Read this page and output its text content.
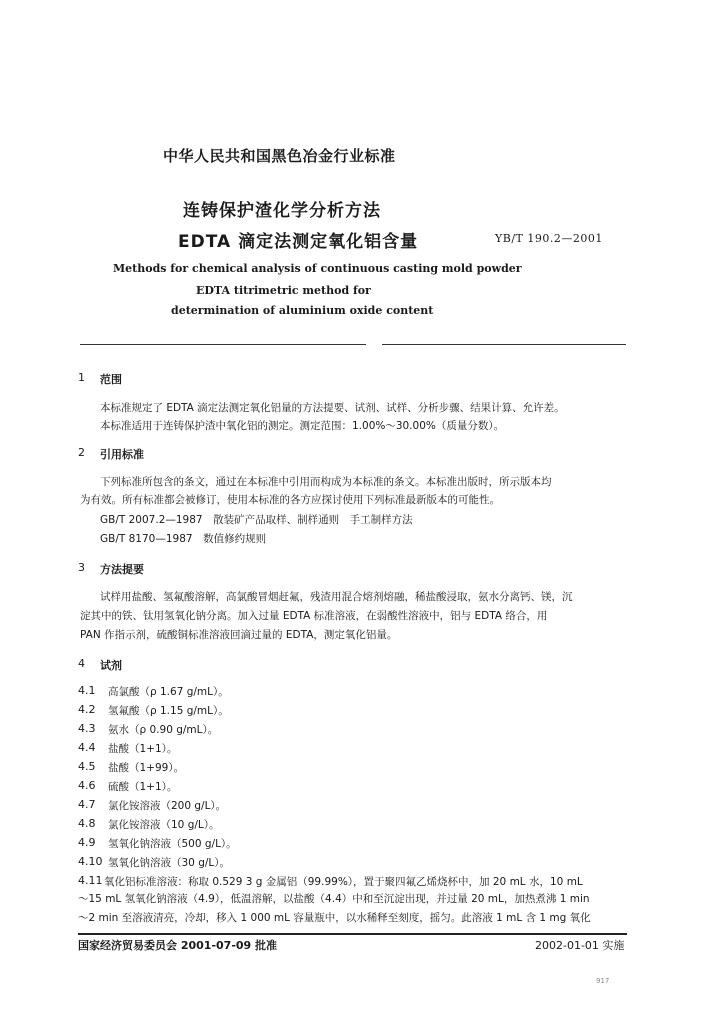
中华人民共和国黑色冶金行业标准
连铸保护渣化学分析方法
EDTA 滴定法测定氧化铝含量	YB/T 190.2—2001
Methods for chemical analysis of continuous casting mold powder
EDTA titrimetric method for
determination of aluminium oxide content
1 范围
本标准规定了 EDTA 滴定法测定氧化铝量的方法提要、试剂、试样、分析步骤、结果计算、允许差。
本标准适用于连铸保护渣中氧化铝的测定。测定范围：1.00%～30.00%（质量分数）。
2 引用标准
下列标准所包含的条文，通过在本标准中引用而构成为本标准的条文。本标准出版时，所示版本均
为有效。所有标准都会被修订，使用本标准的各方应探讨使用下列标准最新版本的可能性。
GB/T 2007.2—1987　散装矿产品取样、制样通则　手工制样方法
GB/T 8170—1987　数值修约规则
3 方法提要
试样用盐酸、氢氟酸溶解，高氯酸冒烟赶氟，残渣用混合熔剂熔融，稀盐酸浸取，氨水分离钙、镁，沉
淀其中的铁、钛用氢氧化钠分离。加入过量 EDTA 标准溶液，在弱酸性溶液中，铝与 EDTA 络合，用
PAN 作指示剂，硫酸铜标准溶液回滴过量的 EDTA，测定氧化铝量。
4 试剂
4.1 高氯酸（ρ 1.67 g/mL）。
4.2 氢氟酸（ρ 1.15 g/mL）。
4.3 氨水（ρ 0.90 g/mL）。
4.4 盐酸（1+1）。
4.5 盐酸（1+99）。
4.6 硫酸（1+1）。
4.7 氯化铵溶液（200 g/L）。
4.8 氯化铵溶液（10 g/L）。
4.9 氢氧化钠溶液（500 g/L）。
4.10 氢氧化钠溶液（30 g/L）。
4.11 氧化铝标准溶液：称取 0.529 3 g 金属铝（99.99%），置于聚四氟乙烯烧杯中，加 20 mL 水，10 mL
～15 mL 氢氧化钠溶液（4.9），低温溶解，以盐酸（4.4）中和至沉淀出现，并过量 20 mL，加热煮沸 1 min
～2 min 至溶液清亮，冷却，移入 1 000 mL 容量瓶中，以水稀释至刻度，摇匀。此溶液 1 mL 含 1 mg 氧化
国家经济贸易委员会 2001-07-09 批准	2002-01-01 实施
917
